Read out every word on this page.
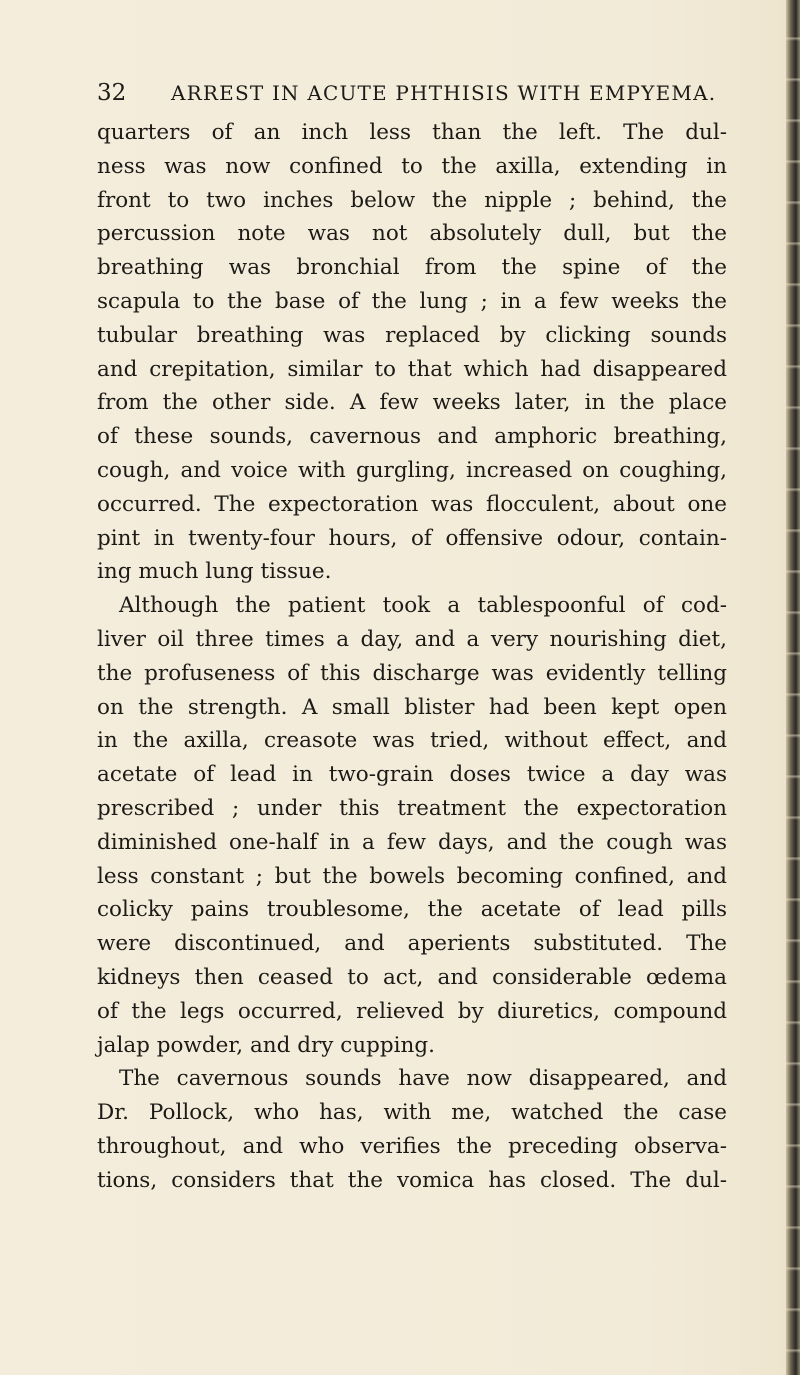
32 ARREST IN ACUTE PHTHISIS WITH EMPYEMA.
quarters of an inch less than the left. The dul-
ness was now confined to the axilla, extending in
front to two inches below the nipple ; behind, the
percussion note was not absolutely dull, but the
breathing was bronchial from the spine of the
scapula to the base of the lung ; in a few weeks the
tubular breathing was replaced by clicking sounds
and crepitation, similar to that which had disappeared
from the other side. A few weeks later, in the place
of these sounds, cavernous and amphoric breathing,
cough, and voice with gurgling, increased on coughing,
occurred. The expectoration was flocculent, about one
pint in twenty-four hours, of offensive odour, contain-
ing much lung tissue.
Although the patient took a tablespoonful of cod-
liver oil three times a day, and a very nourishing diet,
the profuseness of this discharge was evidently telling
on the strength. A small blister had been kept open
in the axilla, creasote was tried, without effect, and
acetate of lead in two-grain doses twice a day was
prescribed ; under this treatment the expectoration
diminished one-half in a few days, and the cough was
less constant ; but the bowels becoming confined, and
colicky pains troublesome, the acetate of lead pills
were discontinued, and aperients substituted. The
kidneys then ceased to act, and considerable œdema
of the legs occurred, relieved by diuretics, compound
jalap powder, and dry cupping.
The cavernous sounds have now disappeared, and
Dr. Pollock, who has, with me, watched the case
throughout, and who verifies the preceding observa-
tions, considers that the vomica has closed. The dul-
